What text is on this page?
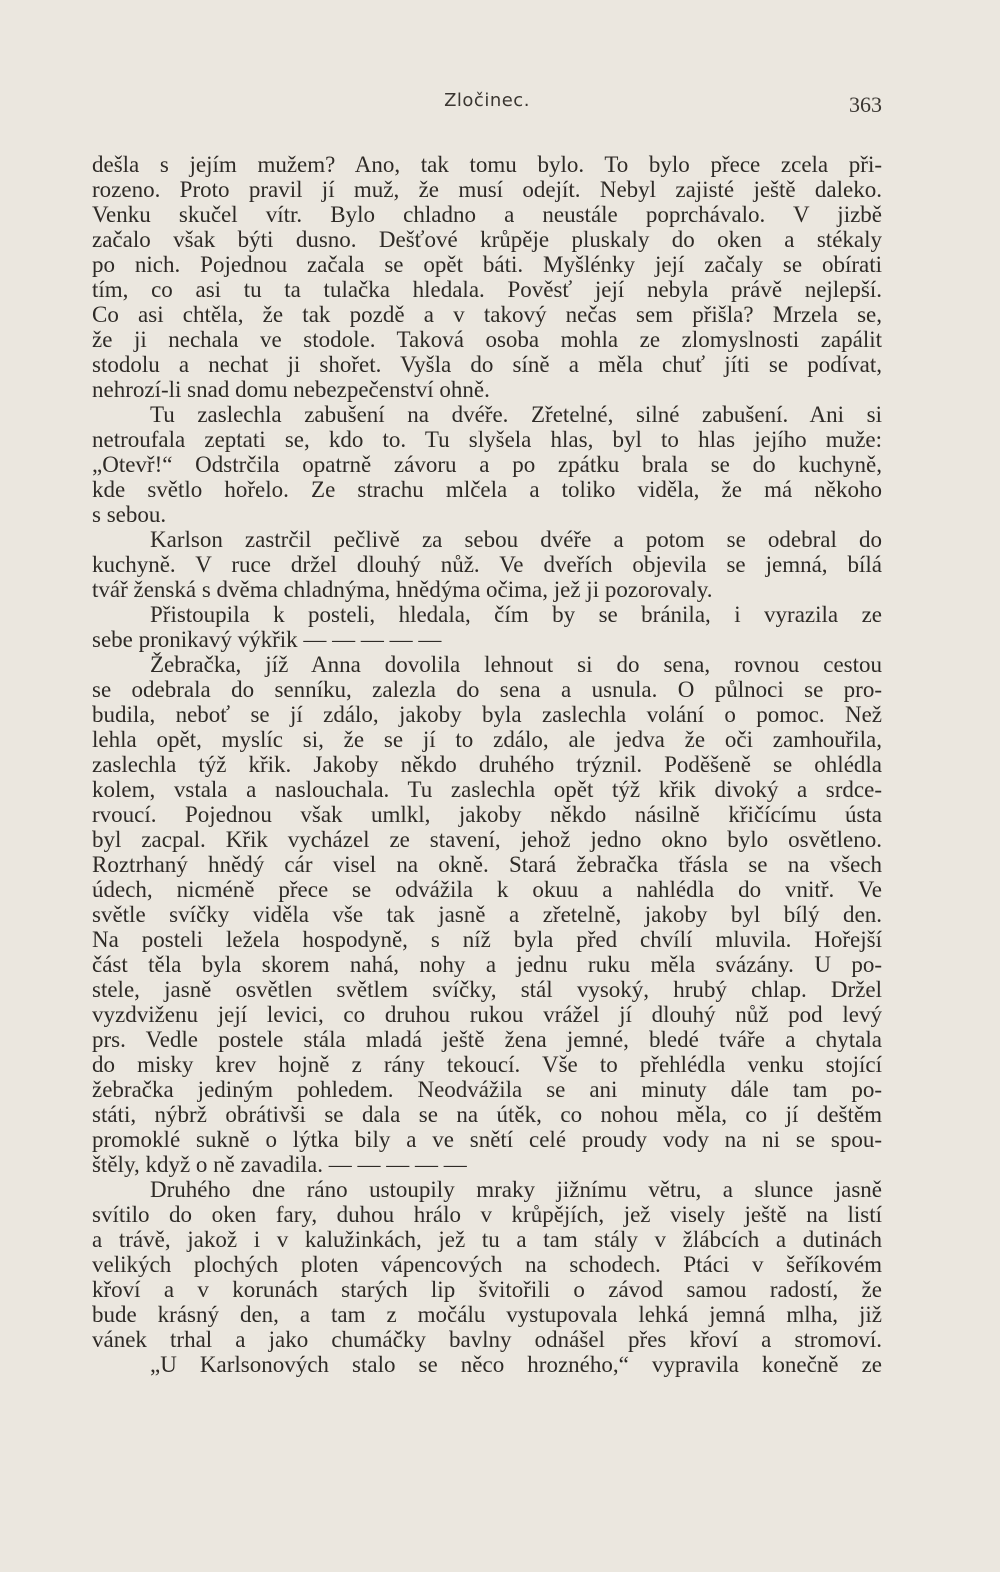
Zločinec.	363
dešla s jejím mužem? Ano, tak tomu bylo. To bylo přece zcela při-
rozeno. Proto pravil jí muž, že musí odejít. Nebyl zajisté ještě daleko.
Venku skučel vítr. Bylo chladno a neustále poprchávalo. V jizbě
začalo však býti dusno. Dešťové krůpěje pluskaly do oken a stékaly
po nich. Pojednou začala se opět báti. Myšlénky její začaly se obírati
tím, co asi tu ta tulačka hledala. Pověsť její nebyla právě nejlepší.
Co asi chtěla, že tak pozdě a v takový nečas sem přišla? Mrzela se,
že ji nechala ve stodole. Taková osoba mohla ze zlomyslnosti zapálit
stodolu a nechat ji shořet. Vyšla do síně a měla chuť jíti se podívat,
nehrozí-li snad domu nebezpečenství ohně.
Tu zaslechla zabušení na dvéře. Zřetelné, silné zabušení. Ani si
netroufala zeptati se, kdo to. Tu slyšela hlas, byl to hlas jejího muže:
„Otevř!“ Odstrčila opatrně závoru a po zpátku brala se do kuchyně,
kde světlo hořelo. Ze strachu mlčela a toliko viděla, že má někoho
s sebou.
Karlson zastrčil pečlivě za sebou dvéře a potom se odebral do
kuchyně. V ruce držel dlouhý nůž. Ve dveřích objevila se jemná, bílá
tvář ženská s dvěma chladnýma, hnědýma očima, jež ji pozorovaly.
Přistoupila k posteli, hledala, čím by se bránila, i vyrazila ze
sebe pronikavý výkřik — — — — —
Žebračka, jíž Anna dovolila lehnout si do sena, rovnou cestou
se odebrala do senníku, zalezla do sena a usnula. O půlnoci se pro-
budila, neboť se jí zdálo, jakoby byla zaslechla volání o pomoc. Než
lehla opět, myslíc si, že se jí to zdálo, ale jedva že oči zamhouřila,
zaslechla týž křik. Jakoby někdo druhého trýznil. Poděšeně se ohlédla
kolem, vstala a naslouchala. Tu zaslechla opět týž křik divoký a srdce-
rvoucí. Pojednou však umlkl, jakoby někdo násilně křičícímu ústa
byl zacpal. Křik vycházel ze stavení, jehož jedno okno bylo osvětleno.
Roztrhaný hnědý cár visel na okně. Stará žebračka třásla se na všech
údech, nicméně přece se odvážila k okuu a nahlédla do vnitř. Ve
světle svíčky viděla vše tak jasně a zřetelně, jakoby byl bílý den.
Na posteli ležela hospodyně, s níž byla před chvílí mluvila. Hořejší
část těla byla skorem nahá, nohy a jednu ruku měla svázány. U po-
stele, jasně osvětlen světlem svíčky, stál vysoký, hrubý chlap. Držel
vyzdviženu její levici, co druhou rukou vrážel jí dlouhý nůž pod levý
prs. Vedle postele stála mladá ještě žena jemné, bledé tváře a chytala
do misky krev hojně z rány tekoucí. Vše to přehlédla venku stojící
žebračka jediným pohledem. Neodvážila se ani minuty dále tam po-
státi, nýbrž obrátivši se dala se na útěk, co nohou měla, co jí deštěm
promoklé sukně o lýtka bily a ve snětí celé proudy vody na ni se spou-
štěly, když o ně zavadila. — — — — —
Druhého dne ráno ustoupily mraky jižnímu větru, a slunce jasně
svítilo do oken fary, duhou hrálo v krůpějích, jež visely ještě na listí
a trávě, jakož i v kalužinkách, jež tu a tam stály v žlábcích a dutinách
velikých plochých ploten vápencových na schodech. Ptáci v šeříkovém
křoví a v korunách starých lip švitořili o závod samou radostí, že
bude krásný den, a tam z močálu vystupovala lehká jemná mlha, již
vánek trhal a jako chumáčky bavlny odnášel přes křoví a stromoví.
„U Karlsonových stalo se něco hrozného,“ vypravila konečně ze
